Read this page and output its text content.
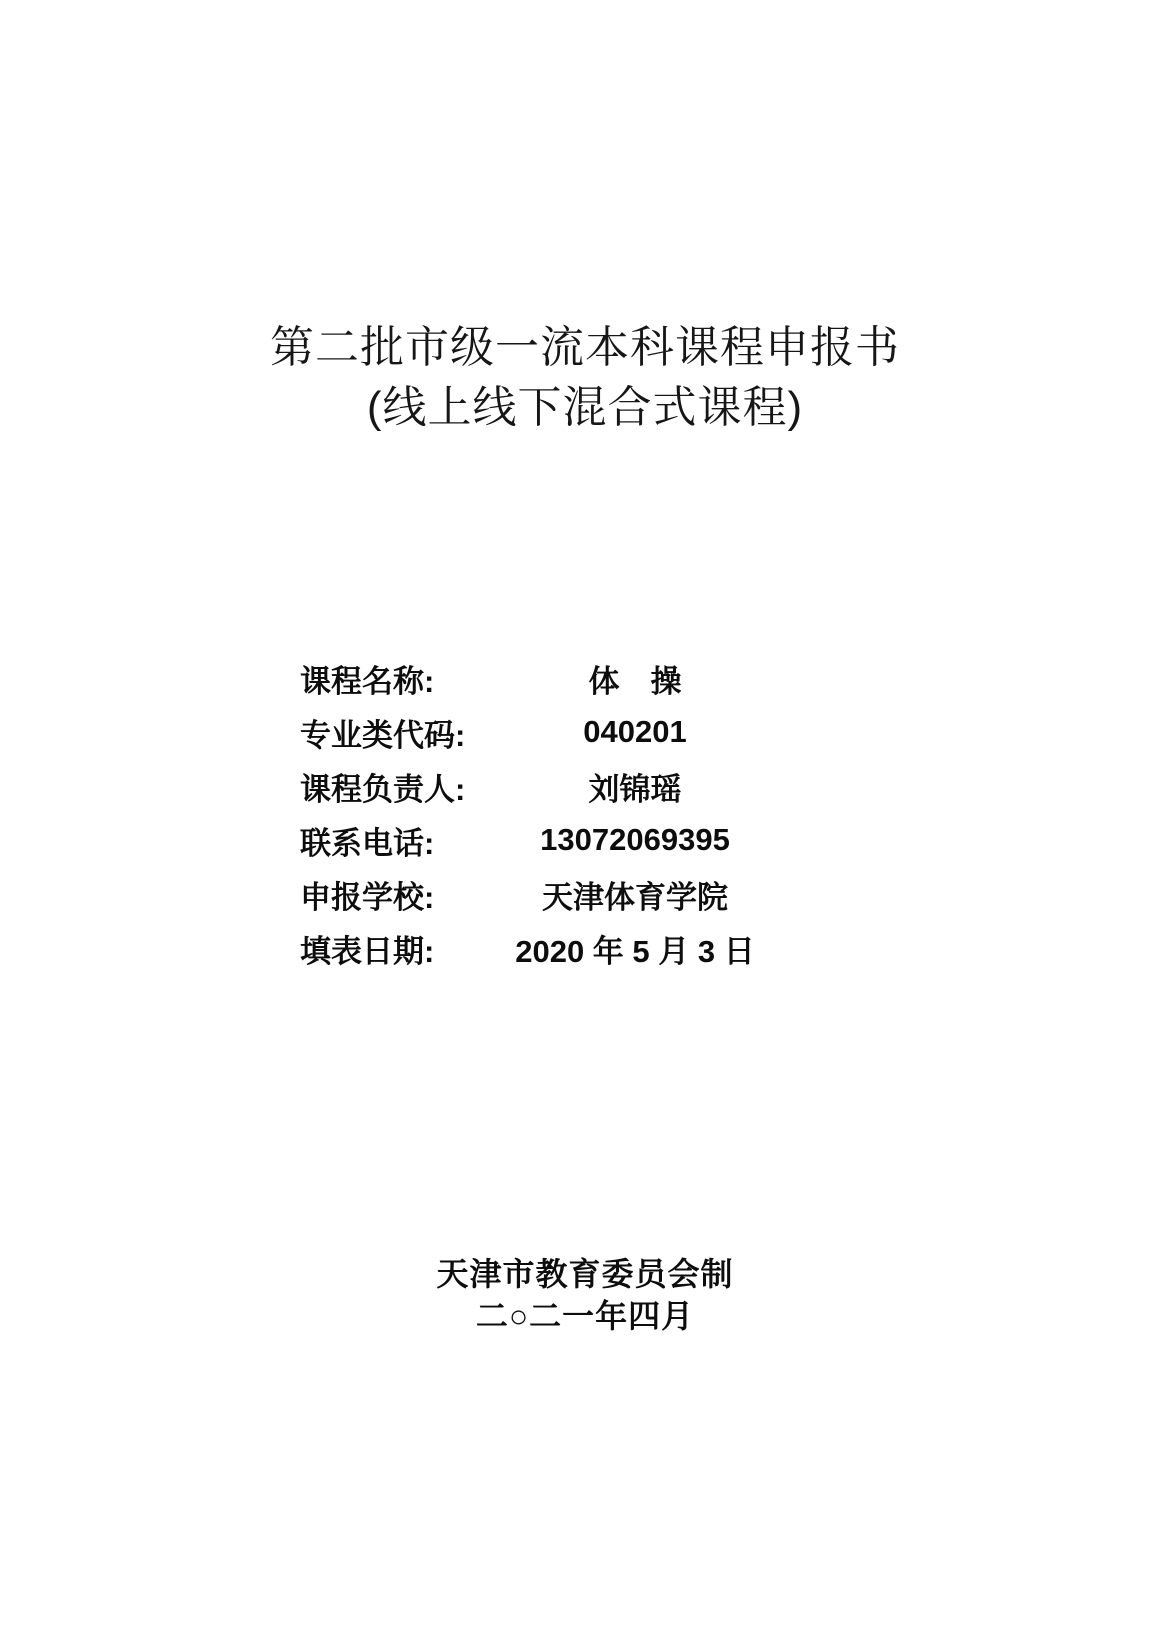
第二批市级一流本科课程申报书
(线上线下混合式课程)
课程名称:	体　操
专业类代码:	040201
课程负责人:	刘锦瑶
联系电话:	13072069395
申报学校:	天津体育学院
填表日期:	2020 年 5 月 3 日
天津市教育委员会制
二○二一年四月
